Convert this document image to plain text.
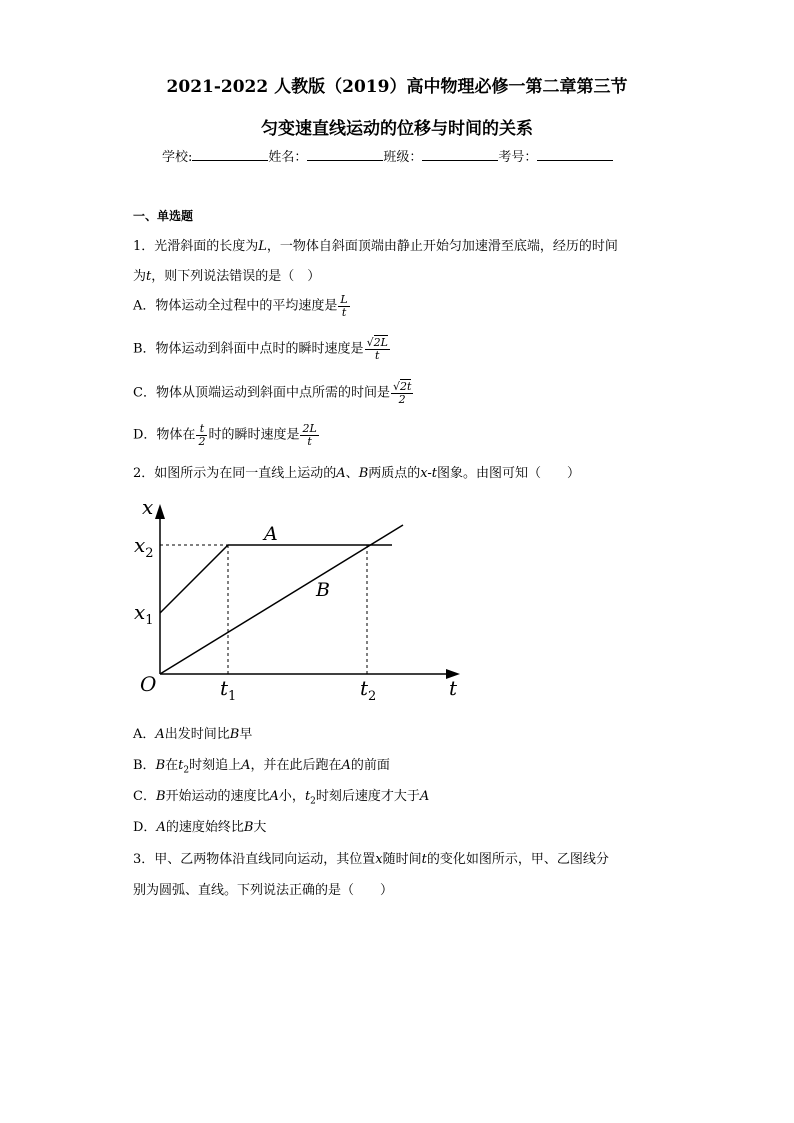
2021-2022 人教版（2019）高中物理必修一第二章第三节
匀变速直线运动的位移与时间的关系
学校:	姓名：	班级：	考号：
一、单选题
1．光滑斜面的长度为L，一物体自斜面顶端由静止开始匀加速滑至底端，经历的时间
为t，则下列说法错误的是（　）
A．物体运动全过程中的平均速度是 $\frac{L}{t}$
B．物体运动到斜面中点时的瞬时速度是 $\frac{√2L}{t}$
C．物体从顶端运动到斜面中点所需的时间是 $\frac{√2t}{2}$
D．物体在 $\frac{t}{2}$ 时的瞬时速度是 $\frac{2L}{t}$
2．如图所示为在同一直线上运动的A、B两质点的x-t图象。由图可知（　　）
x
$x_2$
$x_1$
O	$t_1$	$t_2$	t
A
B
A．A出发时间比B早
B．B在$t_2$时刻追上A，并在此后跑在A的前面
C．B开始运动的速度比A小，$t_2$时刻后速度才大于A
D．A的速度始终比B大
3．甲、乙两物体沿直线同向运动，其位置x随时间t的变化如图所示，甲、乙图线分
别为圆弧、直线。下列说法正确的是（　　）
